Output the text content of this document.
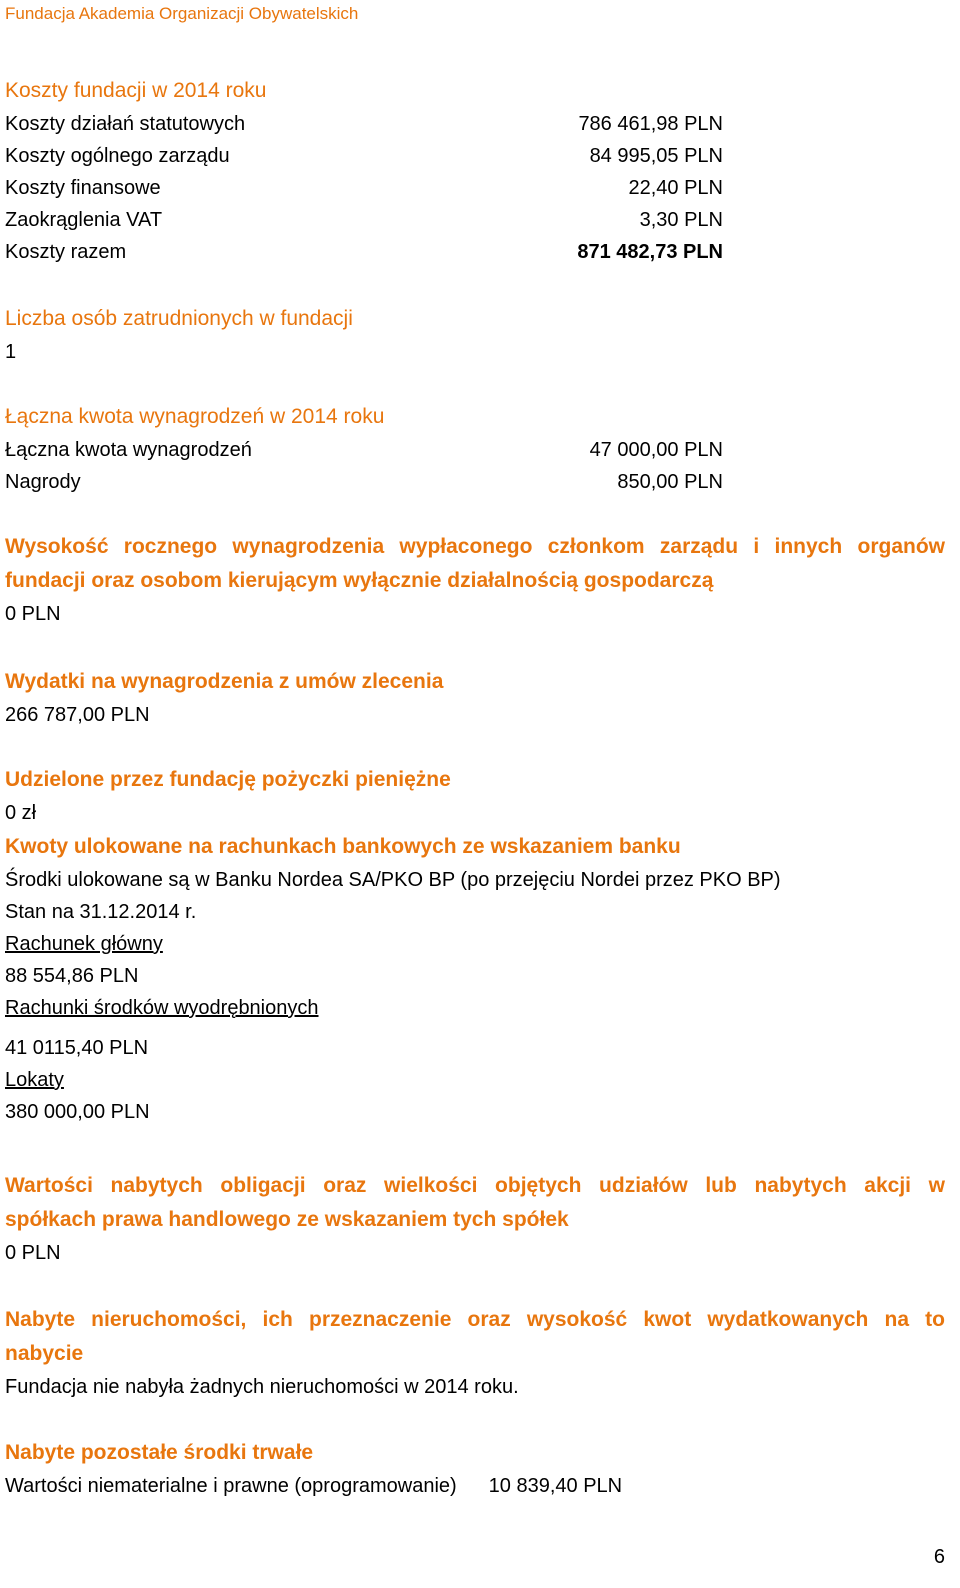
Fundacja Akademia Organizacji Obywatelskich
Koszty fundacji w 2014 roku
Koszty działań statutowych	786 461,98 PLN
Koszty ogólnego zarządu	84 995,05 PLN
Koszty finansowe	22,40 PLN
Zaokrąglenia VAT	3,30 PLN
Koszty razem	871 482,73 PLN
Liczba osób zatrudnionych w fundacji
1
Łączna kwota wynagrodzeń w 2014 roku
Łączna kwota wynagrodzeń	47 000,00 PLN
Nagrody	850,00 PLN
Wysokość rocznego wynagrodzenia wypłaconego członkom zarządu i innych organów
fundacji oraz osobom kierującym wyłącznie działalnością gospodarczą
0 PLN
Wydatki na wynagrodzenia z umów zlecenia
266 787,00 PLN
Udzielone przez fundację pożyczki pieniężne
0 zł
Kwoty ulokowane na rachunkach bankowych ze wskazaniem banku
Środki ulokowane są w Banku Nordea SA/PKO BP (po przejęciu Nordei przez PKO BP)
Stan na 31.12.2014 r.
Rachunek główny
88 554,86 PLN
Rachunki środków wyodrębnionych
41 0115,40 PLN
Lokaty
380 000,00 PLN
Wartości nabytych obligacji oraz wielkości objętych udziałów lub nabytych akcji w
spółkach prawa handlowego ze wskazaniem tych spółek
0 PLN
Nabyte nieruchomości, ich przeznaczenie oraz wysokość kwot wydatkowanych na to
nabycie
Fundacja nie nabyła żadnych nieruchomości w 2014 roku.
Nabyte pozostałe środki trwałe
Wartości niematerialne i prawne (oprogramowanie) 10 839,40 PLN
6
